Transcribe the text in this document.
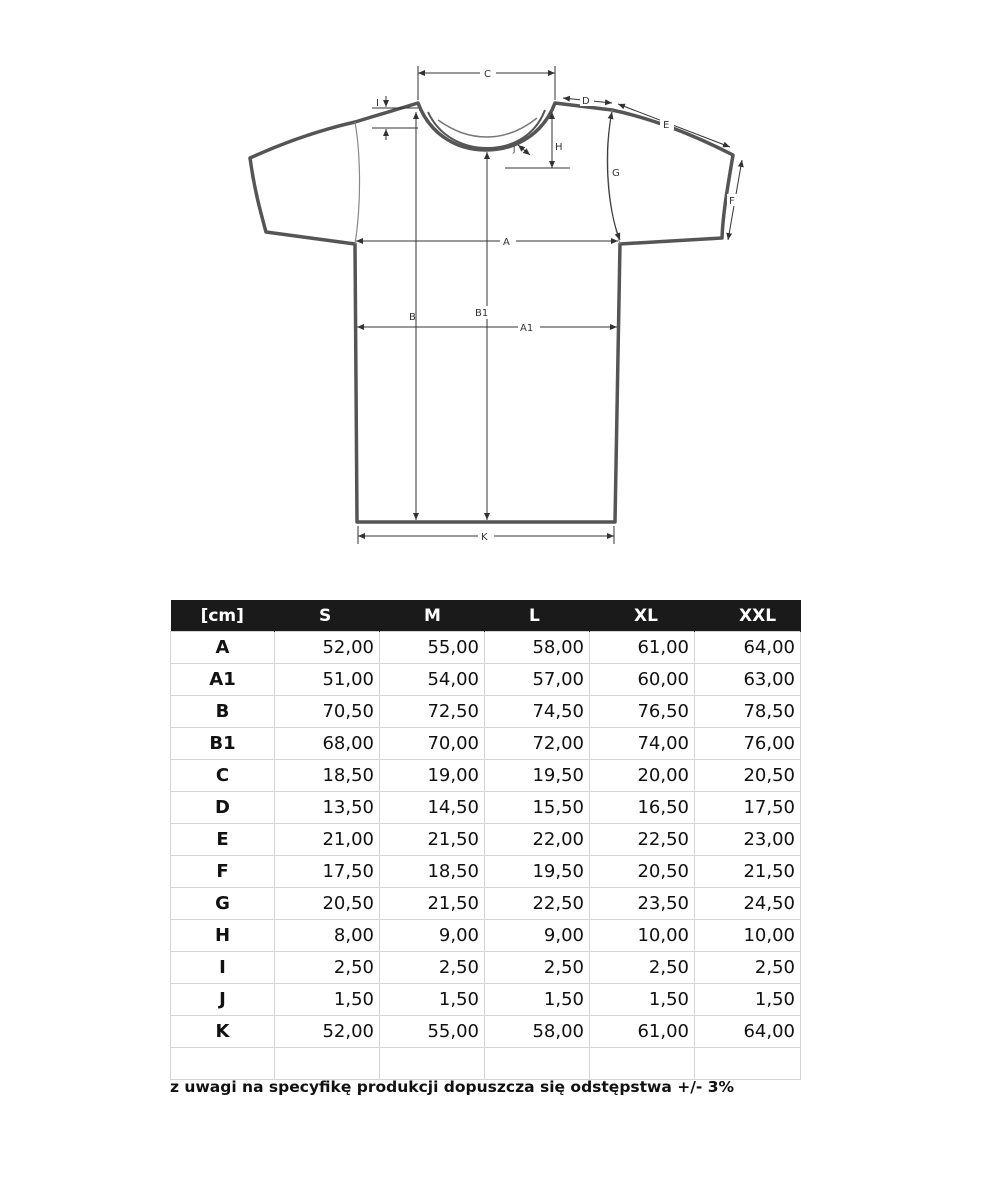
C
D
E
F
G
H
J
I
A
A1
B	B1
K
[cm]	S	M	L	XL	XXL
A	52,00	55,00	58,00	61,00	64,00
A1	51,00	54,00	57,00	60,00	63,00
B	70,50	72,50	74,50	76,50	78,50
B1	68,00	70,00	72,00	74,00	76,00
C	18,50	19,00	19,50	20,00	20,50
D	13,50	14,50	15,50	16,50	17,50
E	21,00	21,50	22,00	22,50	23,00
F	17,50	18,50	19,50	20,50	21,50
G	20,50	21,50	22,50	23,50	24,50
H	8,00	9,00	9,00	10,00	10,00
I	2,50	2,50	2,50	2,50	2,50
J	1,50	1,50	1,50	1,50	1,50
K	52,00	55,00	58,00	61,00	64,00

z uwagi na specyfikę produkcji dopuszcza się odstępstwa +/- 3%
